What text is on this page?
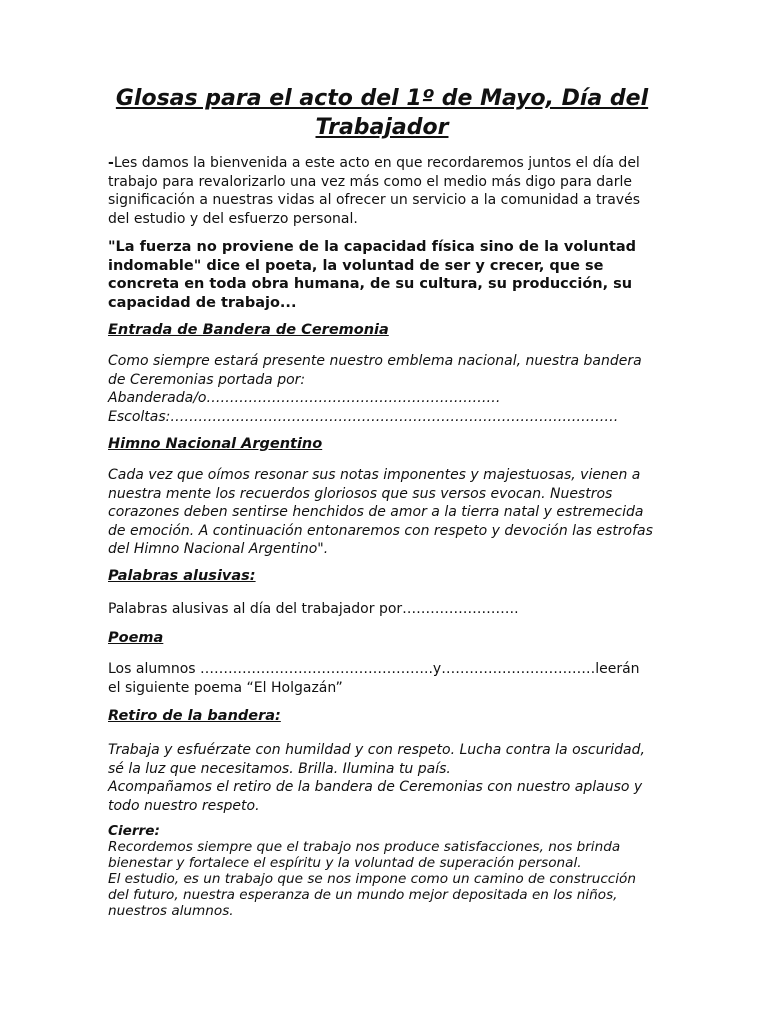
Glosas para el acto del 1º de Mayo, Día del Trabajador

-Les damos la bienvenida a este acto en que recordaremos juntos el día del trabajo para revalorizarlo una vez más como el medio más digo para darle significación a nuestras vidas al ofrecer un servicio a la comunidad a través del estudio y del esfuerzo personal.

"La fuerza no proviene de la capacidad física sino de la voluntad indomable" dice el poeta, la voluntad de ser y crecer, que se concreta en toda obra humana, de su cultura, su producción, su capacidad de trabajo...

Entrada de Bandera de Ceremonia

Como siempre estará presente nuestro emblema nacional, nuestra bandera de Ceremonias portada por:
Abanderada/o………………………………………………………
Escoltas:……………………………………………………………………………………

Himno Nacional Argentino

Cada vez que oímos resonar sus notas imponentes y majestuosas, vienen a nuestra mente los recuerdos gloriosos que sus versos evocan. Nuestros corazones deben sentirse henchidos de amor a la tierra natal y estremecida de emoción. A continuación entonaremos con respeto y devoción las estrofas del Himno Nacional Argentino".

Palabras alusivas:

Palabras alusivas al día del trabajador por…………………….

Poema

Los alumnos …………………………………………..y……………………………leerán
el siguiente poema “El Holgazán”

Retiro de la bandera:

Trabaja y esfuérzate con humildad y con respeto. Lucha contra la oscuridad, sé la luz que necesitamos. Brilla. Ilumina tu país.
Acompañamos el retiro de la bandera de Ceremonias con nuestro aplauso y todo nuestro respeto.
Cierre:
Recordemos siempre que el trabajo nos produce satisfacciones, nos brinda bienestar y fortalece el espíritu y la voluntad de superación personal.
El estudio, es un trabajo que se nos impone como un camino de construcción del futuro, nuestra esperanza de un mundo mejor depositada en los niños, nuestros alumnos.
